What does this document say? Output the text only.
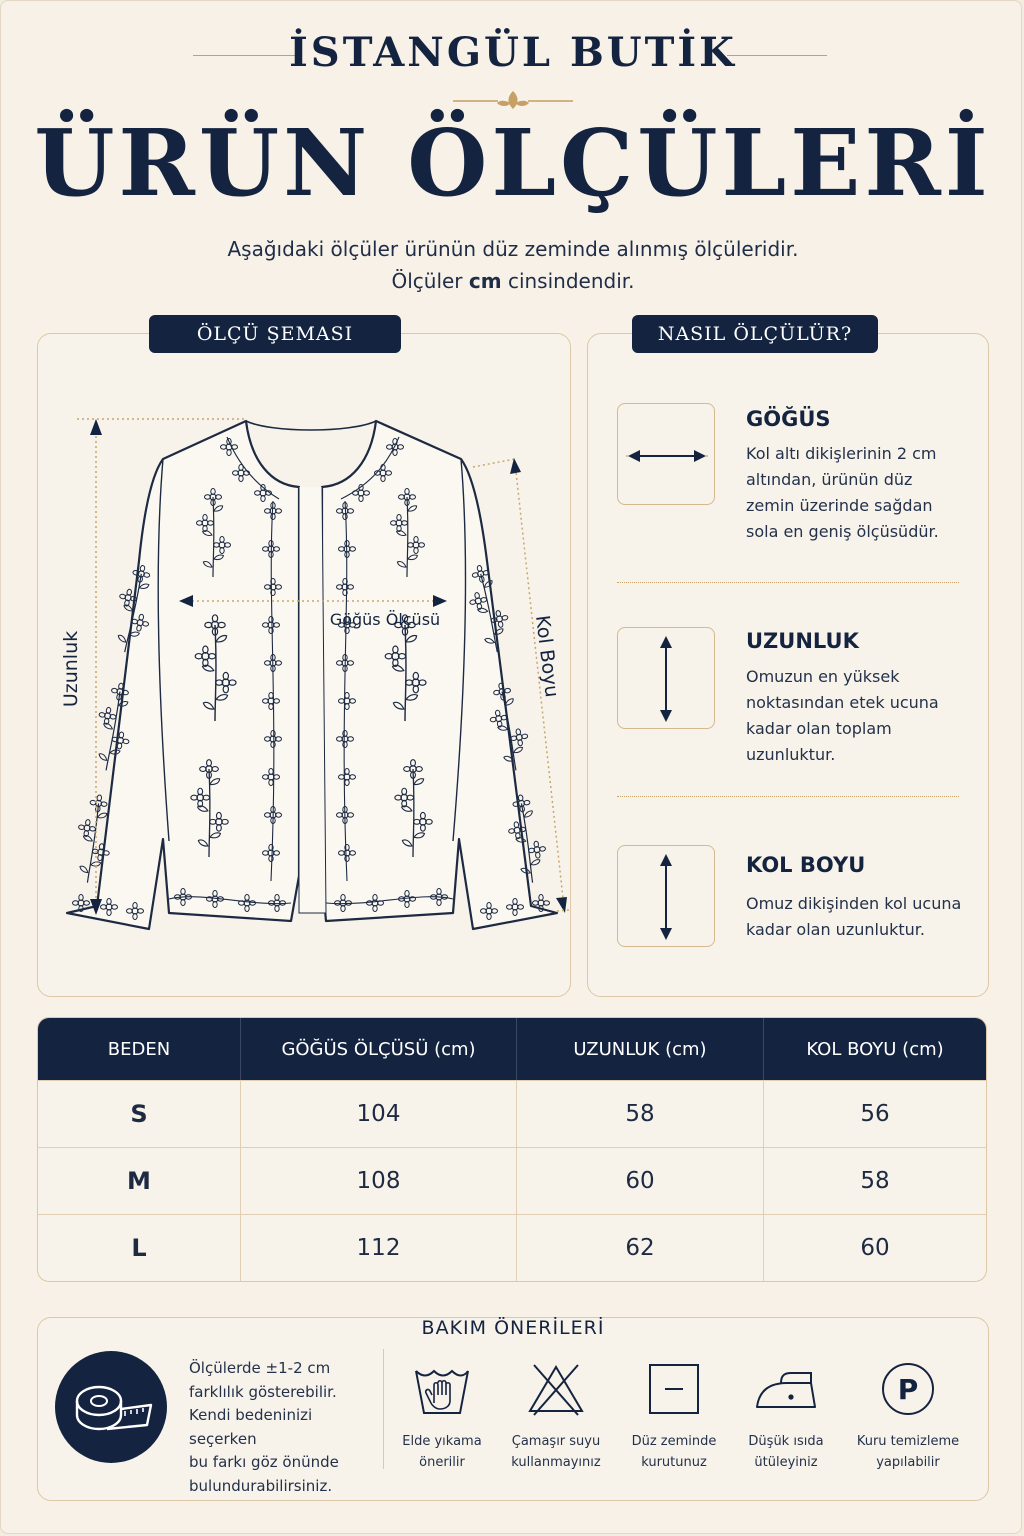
İSTANGÜL BUTİK
ÜRÜN ÖLÇÜLERİ
Aşağıdaki ölçüler ürünün düz zeminde alınmış ölçüleridir.
Ölçüler cm cinsindendir.
ÖLÇÜ ŞEMASI
Uzunluk
Göğüs Ölçüsü	Kol Boyu
NASIL ÖLÇÜLÜR?
GÖĞÜS
Kol altı dikişlerinin 2 cm
altından, ürünün düz
zemin üzerinde sağdan
sola en geniş ölçüsüdür.
UZUNLUK
Omuzun en yüksek
noktasından etek ucuna
kadar olan toplam
uzunluktur.
KOL BOYU
Omuz dikişinden kol ucuna
kadar olan uzunluktur.
BEDEN	GÖĞÜS ÖLÇÜSÜ (cm)	UZUNLUK (cm)	KOL BOYU (cm)
S	104	58	56
M	108	60	58
L	112	62	60
BAKIM ÖNERİLERİ
Ölçülerde ±1-2 cm
farklılık gösterebilir.
Kendi bedeninizi seçerken
bu farkı göz önünde
bulundurabilirsiniz.
Elde yıkama
önerilir
Çamaşır suyu
kullanmayınız
Düz zeminde
kurutunuz
Düşük ısıda
ütüleyiniz
P
Kuru temizleme
yapılabilir
